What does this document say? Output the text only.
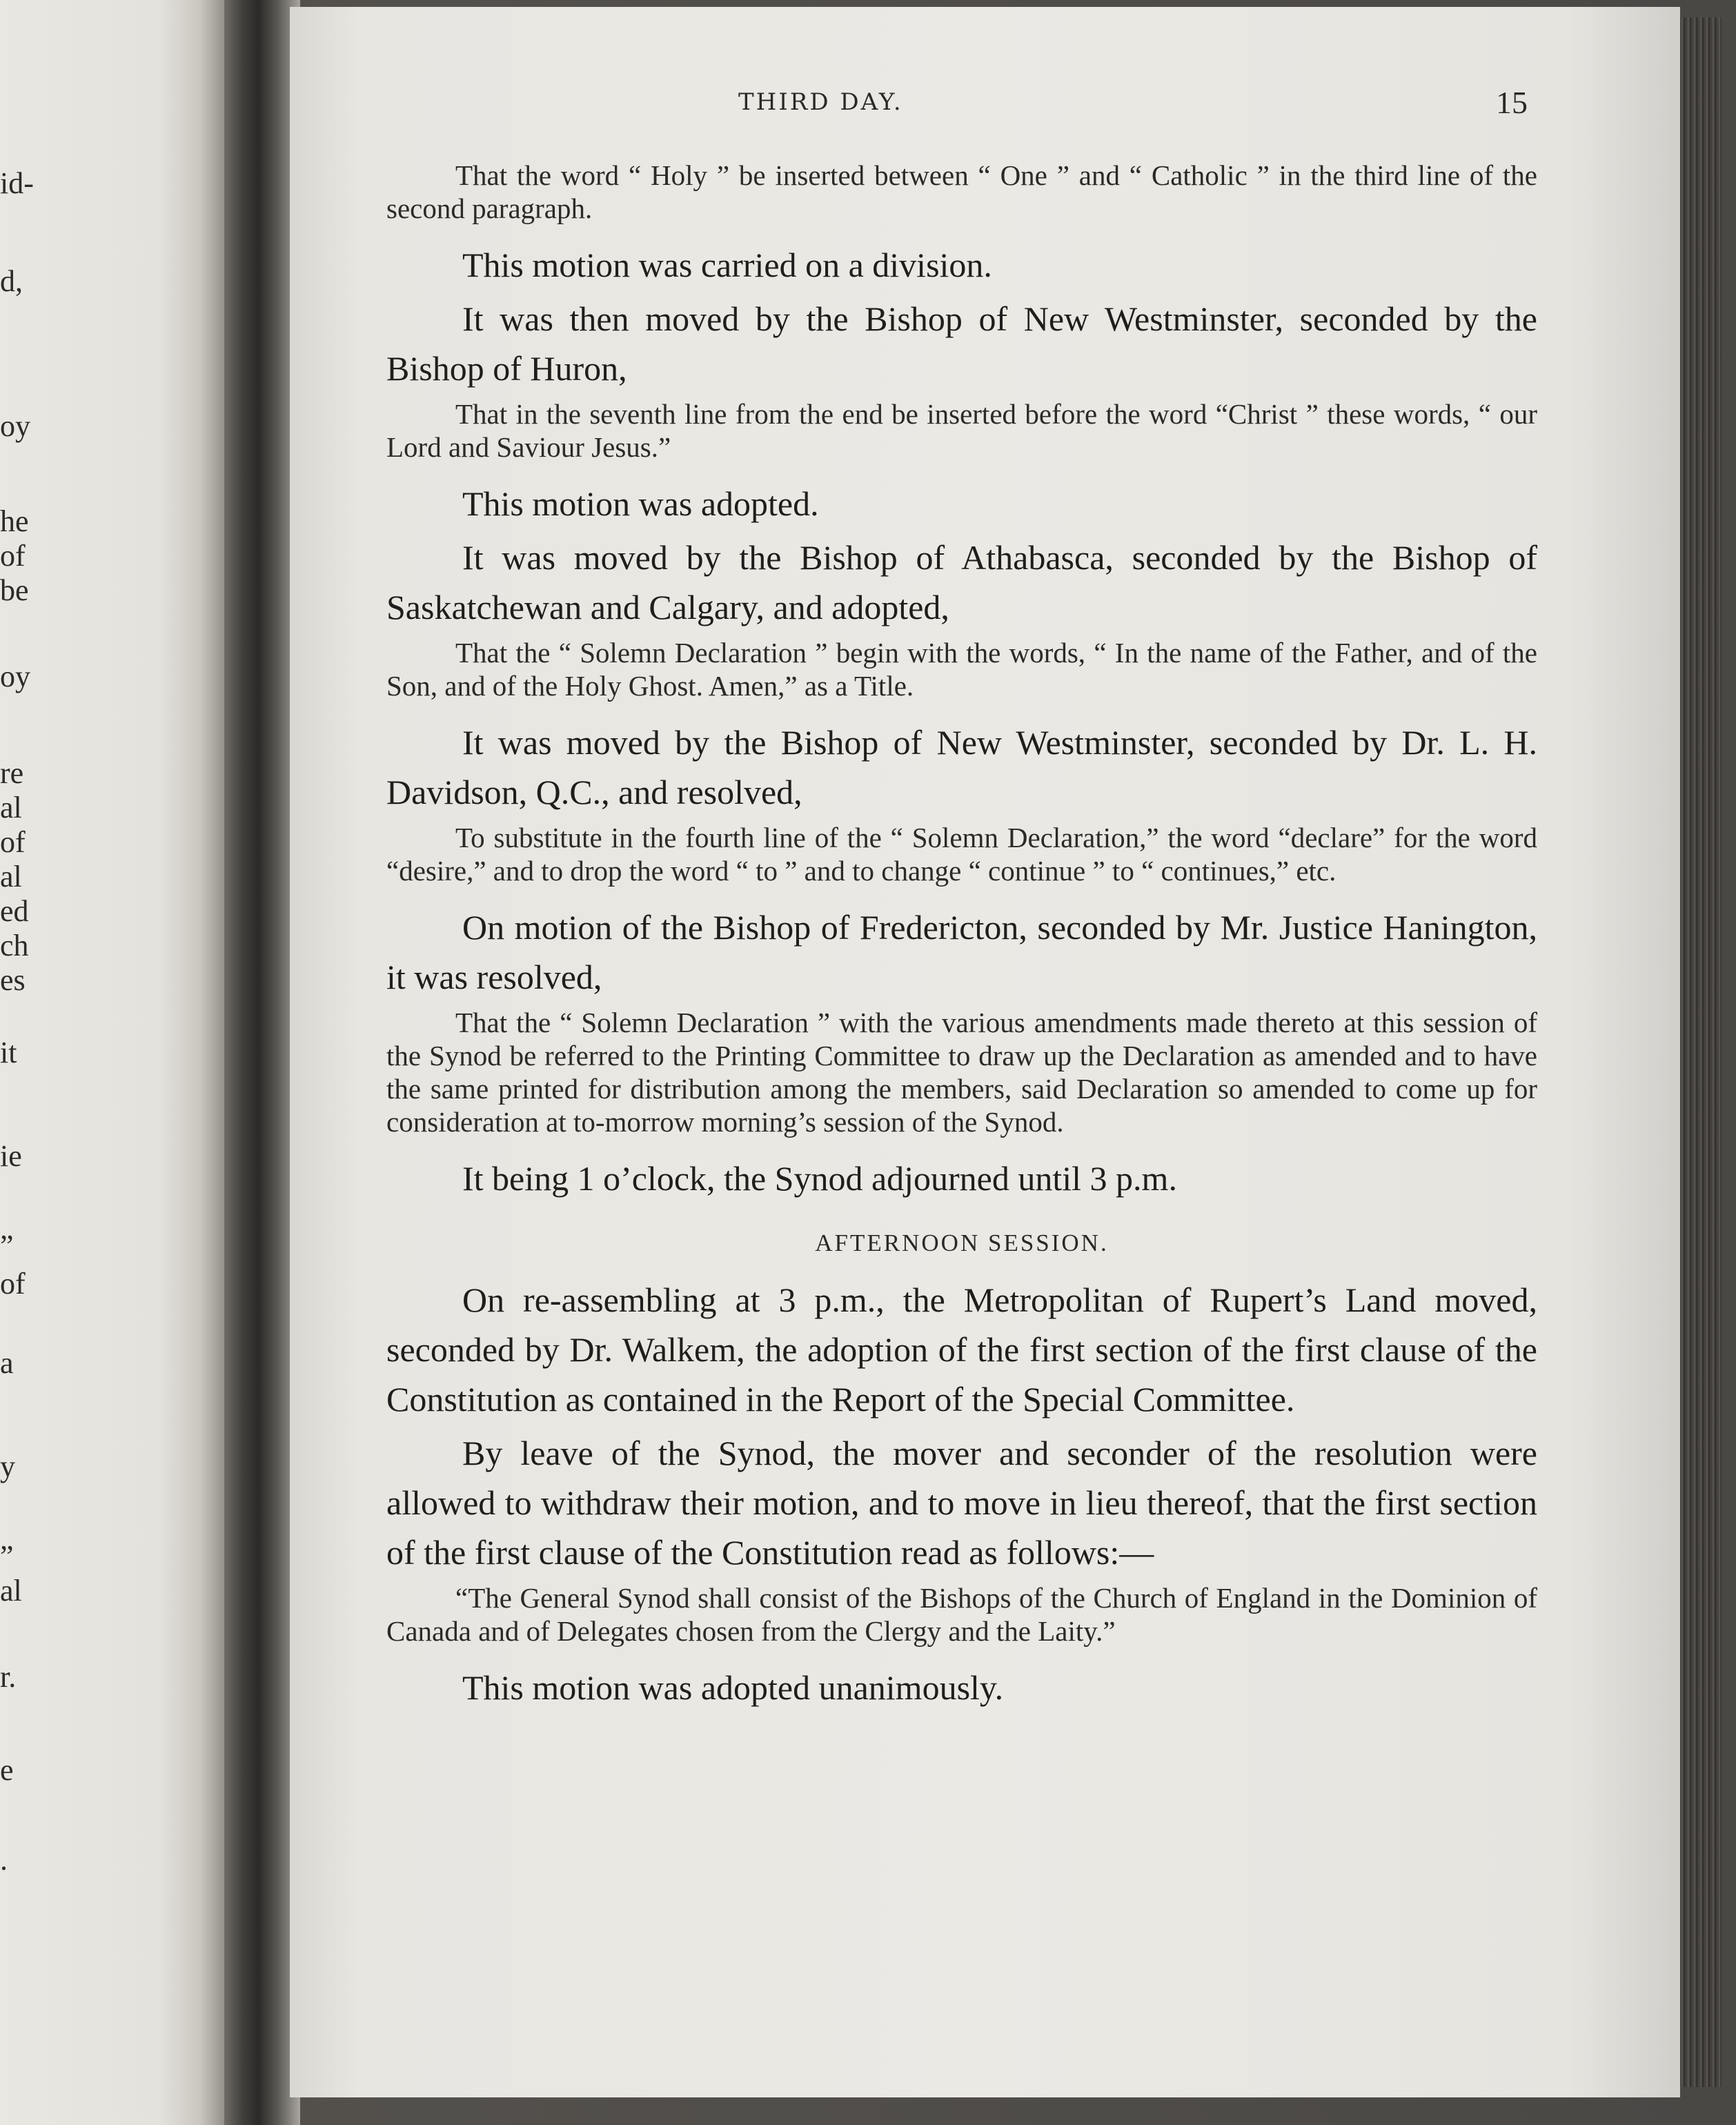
id-
d,
oy
he
of
be
oy
re
al
of
al
ed
ch
es
it
ie
”
of
a
y
”
al
r.
e
.
THIRD DAY.	15

That the word “ Holy ” be inserted between “ One ” and “ Catholic ” in the third line of the second paragraph.

This motion was carried on a division.

It was then moved by the Bishop of New Westminster, seconded by the Bishop of Huron,

That in the seventh line from the end be inserted before the word “Christ ” these words, “ our Lord and Saviour Jesus.”

This motion was adopted.

It was moved by the Bishop of Athabasca, seconded by the Bishop of Saskatchewan and Calgary, and adopted,

That the “ Solemn Declaration ” begin with the words, “ In the name of the Father, and of the Son, and of the Holy Ghost. Amen,” as a Title.

It was moved by the Bishop of New Westminster, seconded by Dr. L. H. Davidson, Q.C., and resolved,

To substitute in the fourth line of the “ Solemn Declaration,” the word “declare” for the word “desire,” and to drop the word “ to ” and to change “ continue ” to “ continues,” etc.

On motion of the Bishop of Fredericton, seconded by Mr. Justice Hanington, it was resolved,

That the “ Solemn Declaration ” with the various amendments made thereto at this session of the Synod be referred to the Printing Committee to draw up the Declaration as amended and to have the same printed for distribution among the members, said Declaration so amended to come up for consideration at to-morrow morning’s session of the Synod.

It being 1 o’clock, the Synod adjourned until 3 p.m.

AFTERNOON SESSION.

On re-assembling at 3 p.m., the Metropolitan of Rupert’s Land moved, seconded by Dr. Walkem, the adoption of the first section of the first clause of the Constitution as contained in the Report of the Special Committee.

By leave of the Synod, the mover and seconder of the resolution were allowed to withdraw their motion, and to move in lieu thereof, that the first section of the first clause of the Constitution read as follows:—

“The General Synod shall consist of the Bishops of the Church of England in the Dominion of Canada and of Delegates chosen from the Clergy and the Laity.”

This motion was adopted unanimously.
